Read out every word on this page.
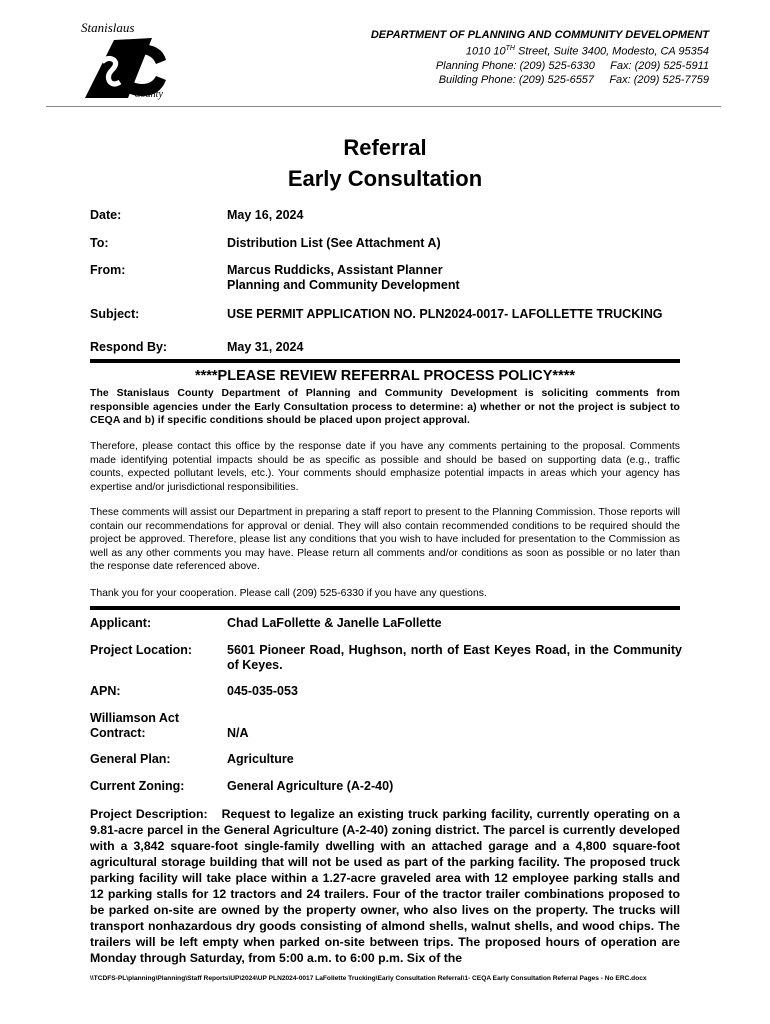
Stanislaus
County
DEPARTMENT OF PLANNING AND COMMUNITY DEVELOPMENT
1010 10TH Street, Suite 3400, Modesto, CA 95354
Planning Phone: (209) 525-6330     Fax: (209) 525-5911
Building Phone: (209) 525-6557     Fax: (209) 525-7759
Referral
Early Consultation
Date:	May 16, 2024
To:	Distribution List (See Attachment A)
From:	Marcus Ruddicks, Assistant Planner
Planning and Community Development
Subject:	USE PERMIT APPLICATION NO. PLN2024-0017- LAFOLLETTE TRUCKING
Respond By:	May 31, 2024
****PLEASE REVIEW REFERRAL PROCESS POLICY****
The Stanislaus County Department of Planning and Community Development is soliciting comments from responsible agencies under the Early Consultation process to determine: a) whether or not the project is subject to CEQA and b) if specific conditions should be placed upon project approval.
Therefore, please contact this office by the response date if you have any comments pertaining to the proposal. Comments made identifying potential impacts should be as specific as possible and should be based on supporting data (e.g., traffic counts, expected pollutant levels, etc.). Your comments should emphasize potential impacts in areas which your agency has expertise and/or jurisdictional responsibilities.
These comments will assist our Department in preparing a staff report to present to the Planning Commission. Those reports will contain our recommendations for approval or denial. They will also contain recommended conditions to be required should the project be approved. Therefore, please list any conditions that you wish to have included for presentation to the Commission as well as any other comments you may have. Please return all comments and/or conditions as soon as possible or no later than the response date referenced above.
Thank you for your cooperation. Please call (209) 525-6330 if you have any questions.
Applicant:	Chad LaFollette & Janelle LaFollette
Project Location:	5601 Pioneer Road, Hughson, north of East Keyes Road, in the Community of Keyes.
APN:	045-035-053
Williamson Act
Contract:	N/A
General Plan:	Agriculture
Current Zoning:	General Agriculture (A-2-40)
Project Description: Request to legalize an existing truck parking facility, currently operating on a 9.81-acre parcel in the General Agriculture (A-2-40) zoning district. The parcel is currently developed with a 3,842 square-foot single-family dwelling with an attached garage and a 4,800 square-foot agricultural storage building that will not be used as part of the parking facility. The proposed truck parking facility will take place within a 1.27-acre graveled area with 12 employee parking stalls and 12 parking stalls for 12 tractors and 24 trailers. Four of the tractor trailer combinations proposed to be parked on-site are owned by the property owner, who also lives on the property. The trucks will transport nonhazardous dry goods consisting of almond shells, walnut shells, and wood chips. The trailers will be left empty when parked on-site between trips. The proposed hours of operation are Monday through Saturday, from 5:00 a.m. to 6:00 p.m. Six of the
\\TCDFS-PL\planning\Planning\Staff Reports\UP\2024\UP PLN2024-0017 LaFollette Trucking\Early Consultation Referral\1- CEQA Early Consultation Referral Pages - No ERC.docx
